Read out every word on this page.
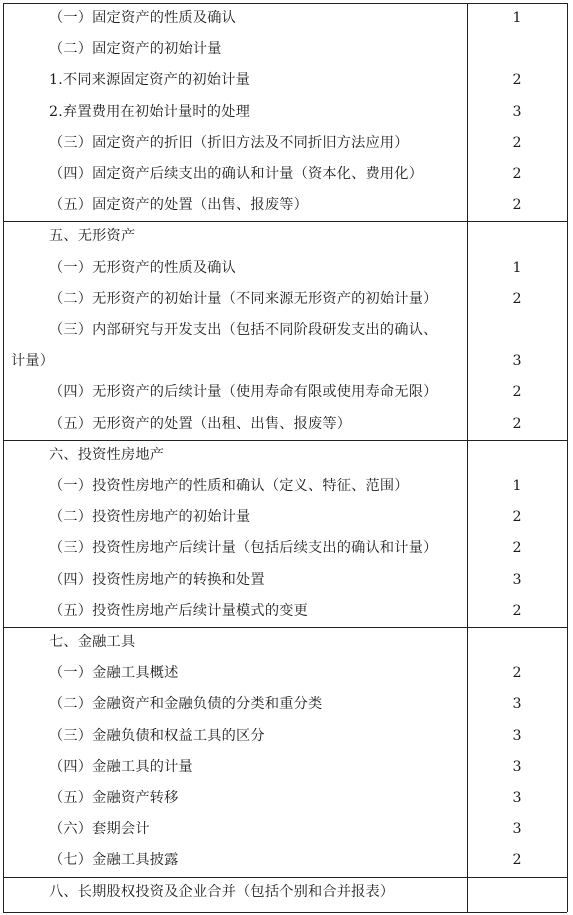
（一）固定资产的性质及确认	1
（二）固定资产的初始计量
1.不同来源固定资产的初始计量	2
2.弃置费用在初始计量时的处理	3
（三）固定资产的折旧（折旧方法及不同折旧方法应用）	2
（四）固定资产后续支出的确认和计量（资本化、费用化）	2
（五）固定资产的处置（出售、报废等）	2
五、无形资产
（一）无形资产的性质及确认	1
（二）无形资产的初始计量（不同来源无形资产的初始计量）	2
（三）内部研究与开发支出（包括不同阶段研发支出的确认、
计量）	3
（四）无形资产的后续计量（使用寿命有限或使用寿命无限）	2
（五）无形资产的处置（出租、出售、报废等）	2
六、投资性房地产
（一）投资性房地产的性质和确认（定义、特征、范围）	1
（二）投资性房地产的初始计量	2
（三）投资性房地产后续计量（包括后续支出的确认和计量）	2
（四）投资性房地产的转换和处置	3
（五）投资性房地产后续计量模式的变更	2
七、金融工具
（一）金融工具概述	2
（二）金融资产和金融负债的分类和重分类	3
（三）金融负债和权益工具的区分	3
（四）金融工具的计量	3
（五）金融资产转移	3
（六）套期会计	3
（七）金融工具披露	2
八、长期股权投资及企业合并（包括个别和合并报表）
